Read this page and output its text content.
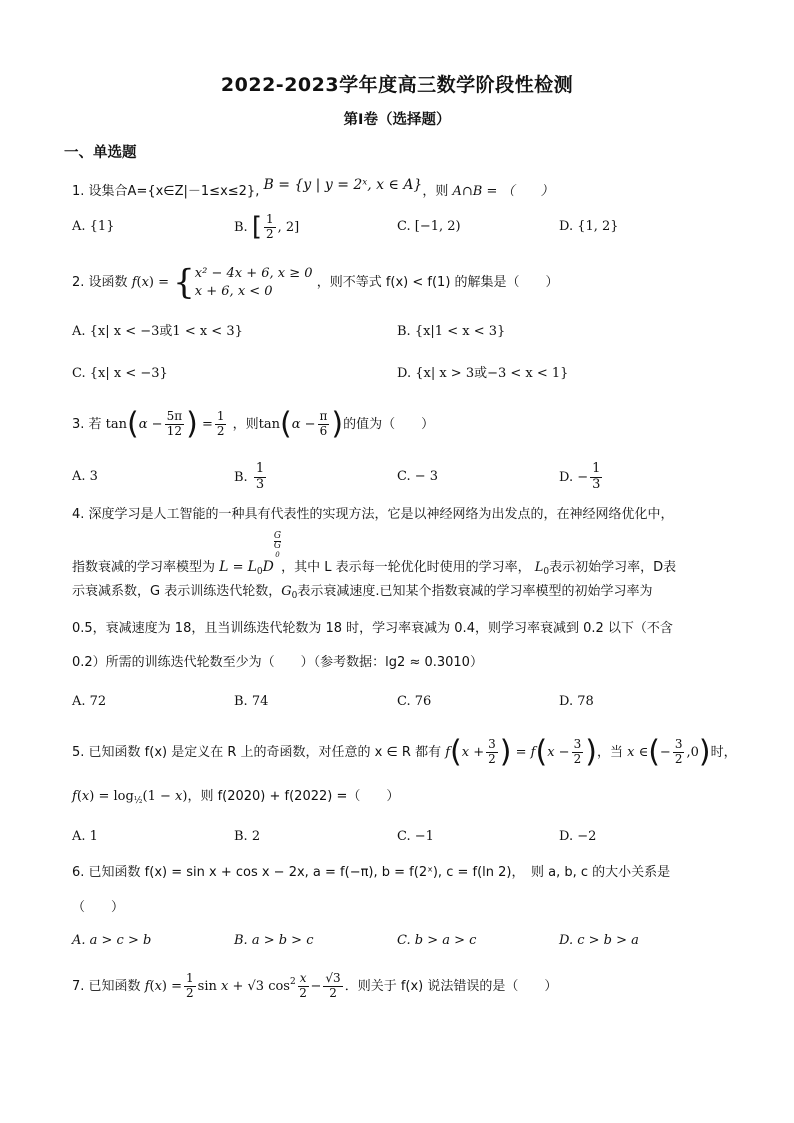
2022-2023学年度高三数学阶段性检测
第Ⅰ卷（选择题）
一、单选题
1. 设集合A={x∈Z|－1≤x≤2}, B = {y | y = 2ˣ, x ∈ A}，则 A∩B = （　　）
A. {1}	B. [ $\frac{1}{2}$ , 2]	C. [−1, 2)	D. {1, 2}
2. 设函数 f(x) = { x² − 4x + 6, x ≥ 0
x + 6, x < 0
，则不等式 f(x) < f(1) 的解集是（　　）
A. {x| x < −3或1 < x < 3}	B. {x|1 < x < 3}
C. {x| x < −3}	D. {x| x > 3或−3 < x < 1}
3. 若 $\tan(\alpha - \frac{5\pi}{12}$ ) = $\frac{1}{2}$ ，则$\tan(\alpha - \frac{\pi}{6}$ )的值为（　　）
A. 3	B. $\frac{1}{3}$	C. − 3	D. − $\frac{1}{3}$
4. 深度学习是人工智能的一种具有代表性的实现方法，它是以神经网络为出发点的，在神经网络优化中，
指数衰减的学习率模型为 $L = L_0D$
G
G
0
，其中 L 表示每一轮优化时使用的学习率， $L_0$表示初始学习率，D表
示衰减系数，G 表示训练迭代轮数，$G_0$表示衰减速度.已知某个指数衰减的学习率模型的初始学习率为
0.5，衰减速度为 18，且当训练迭代轮数为 18 时，学习率衰减为 0.4，则学习率衰减到 0.2 以下（不含
0.2）所需的训练迭代轮数至少为（　　）（参考数据：lg2 ≈ 0.3010）
A. 72	B. 74	C. 76	D. 78
5. 已知函数 f(x) 是定义在 R 上的奇函数，对任意的 x ∈ R 都有 $f(x + \frac{3}{2}$ ) = $f(x - \frac{3}{2}$ )，当 x ∈(− $\frac{3}{2} ,0$)时，
$f(x) = \log_{\frac{1}{2}}(1 - x)$，则 f(2020) + f(2022) =（　　）
A. 1	B. 2	C. −1	D. −2
6. 已知函数 f(x) = sin x + cos x − 2x, a = f(−π), b = f(2ˣ), c = f(ln 2)，　则 a, b, c 的大小关系是
（　　）
A. a > c > b	B. a > b > c	C. b > a > c	D. c > b > a
7. 已知函数 $f(x) = \frac{1}{2}$ sin x + √3 $\cos^2 \frac{x}{2} - \frac{√3}{2}$ ．则关于 f(x) 说法错误的是（　　）
